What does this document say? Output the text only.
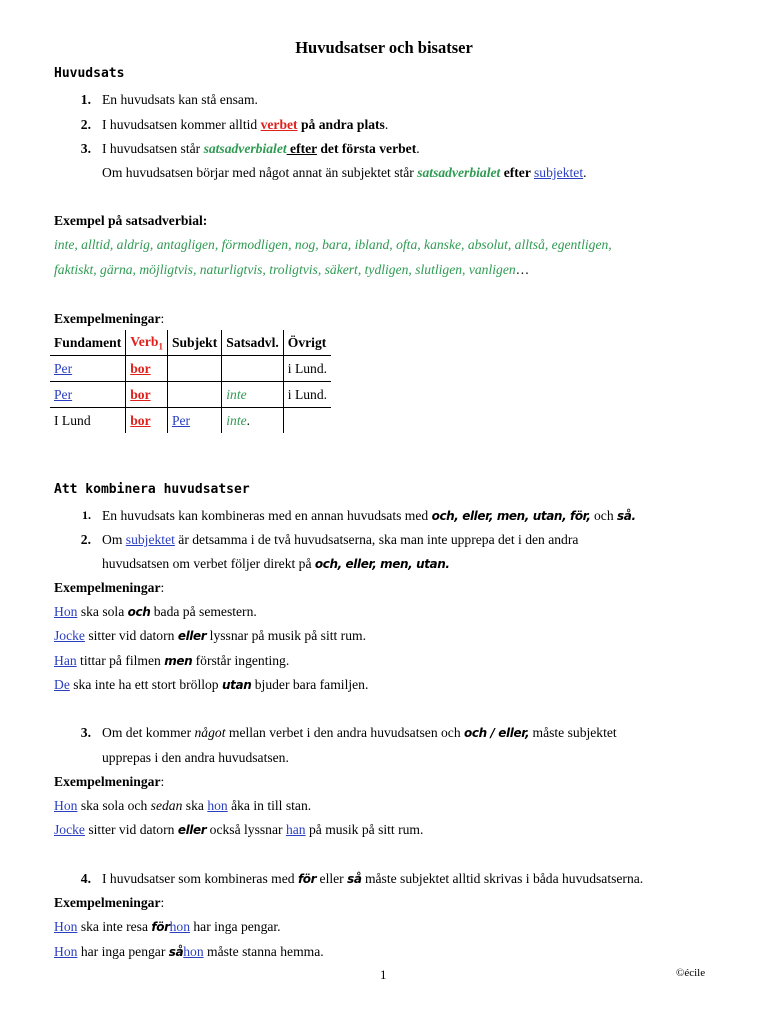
Huvudsatser och bisatser
Huvudsats
1. En huvudsats kan stå ensam.
2. I huvudsatsen kommer alltid verbet på andra plats.
3. I huvudsatsen står satsadverbialet efter det första verbet.
Om huvudsatsen börjar med något annat än subjektet står satsadverbialet efter subjektet.
Exempel på satsadverbial:
inte, alltid, aldrig, antagligen, förmodligen, nog, bara, ibland, ofta, kanske, absolut, alltså, egentligen,
faktiskt, gärna, möjligtvis, naturligtvis, troligtvis, säkert, tydligen, slutligen, vanligen…
Exempelmeningar:
Fundament	Verb$_1$	Subjekt	Satsadvl.	Övrigt
Per	bor			i Lund.
Per	bor		inte	i Lund.
I Lund	bor	Per	inte.	
Att kombinera huvudsatser
1. En huvudsats kan kombineras med en annan huvudsats med och, eller, men, utan, för, och så.
2. Om subjektet är detsamma i de två huvudsatserna, ska man inte upprepa det i den andra
huvudsatsen om verbet följer direkt på och, eller, men, utan.
Exempelmeningar:
Hon ska sola och bada på semestern.
Jocke sitter vid datorn eller lyssnar på musik på sitt rum.
Han tittar på filmen men förstår ingenting.
De ska inte ha ett stort bröllop utan bjuder bara familjen.
3. Om det kommer något mellan verbet i den andra huvudsatsen och och / eller, måste subjektet
upprepas i den andra huvudsatsen.
Exempelmeningar:
Hon ska sola och sedan ska hon åka in till stan.
Jocke sitter vid datorn eller också lyssnar han på musik på sitt rum.
4. I huvudsatser som kombineras med för eller så måste subjektet alltid skrivas i båda huvudsatserna.
Exempelmeningar:
Hon ska inte resa förhon har inga pengar.
Hon har inga pengar såhon måste stanna hemma.
1	©écile
